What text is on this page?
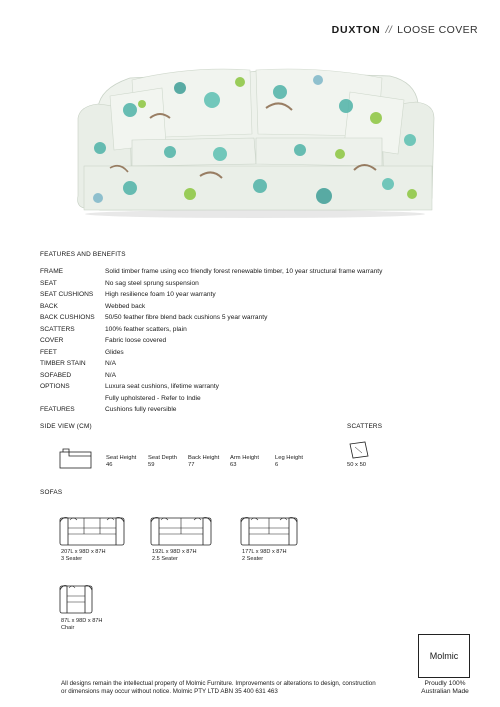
DUXTON // LOOSE COVER
FEATURES AND BENEFITS
FRAME	Solid timber frame using eco friendly forest renewable timber, 10 year structural frame warranty
SEAT	No sag steel sprung suspension
SEAT CUSHIONS	High resilience foam 10 year warranty
BACK	Webbed back
BACK CUSHIONS	50/50 feather fibre blend back cushions 5 year warranty
SCATTERS	100% feather scatters, plain
COVER	Fabric loose covered
FEET	Glides
TIMBER STAIN	N/A
SOFABED	N/A
OPTIONS	Luxura seat cushions, lifetime warranty
Fully upholstered - Refer to Indie
FEATURES	Cushions fully reversible
SIDE VIEW (CM)
Seat Height
46
Seat Depth
59
Back Height
77
Arm Height
63
Leg Height
6
SCATTERS
50 x 50
SOFAS
207L x 98D x 87H
3 Seater
192L x 98D x 87H
2.5 Seater
177L x 98D x 87H
2 Seater
87L x 98D x 87H
Chair
All designs remain the intellectual property of Molmic Furniture. Improvements or alterations to design, construction or dimensions may occur without notice. Molmic PTY LTD ABN 35 400 631 463
Molmic
Proudly 100%
Australian Made
